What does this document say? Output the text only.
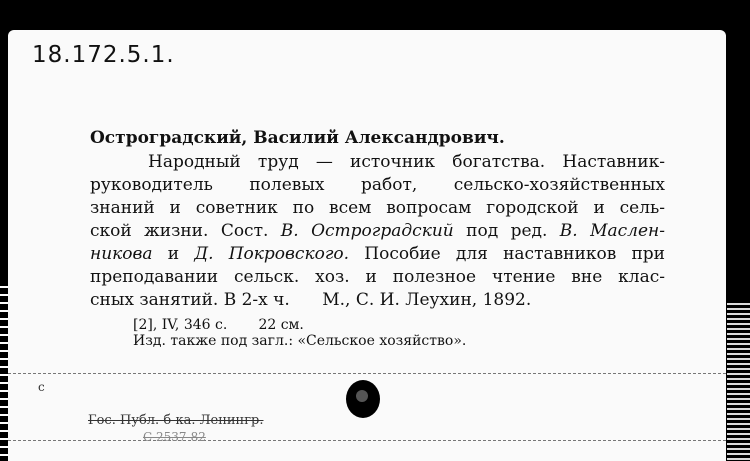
18.172.5.1.
Остроградский, Василий Александрович.
Народный труд — источник богатства. Наставник-
руководитель полевых работ, сельско-хозяйственных
знаний и советник по всем вопросам городской и сель-
ской жизни. Сост. В. Остроградский под ред. В. Маслен-
никова и Д. Покровского. Пособие для наставников при
преподавании сельск. хоз. и полезное чтение вне клас-
сных занятий. В 2-х ч.      М., С. И. Леухин, 1892.
[2], IV, 346 с.       22 см.
Изд. также под загл.: «Сельское хозяйство».
с
Гос. Публ. б-ка. Ленингр.
С 2537-82
